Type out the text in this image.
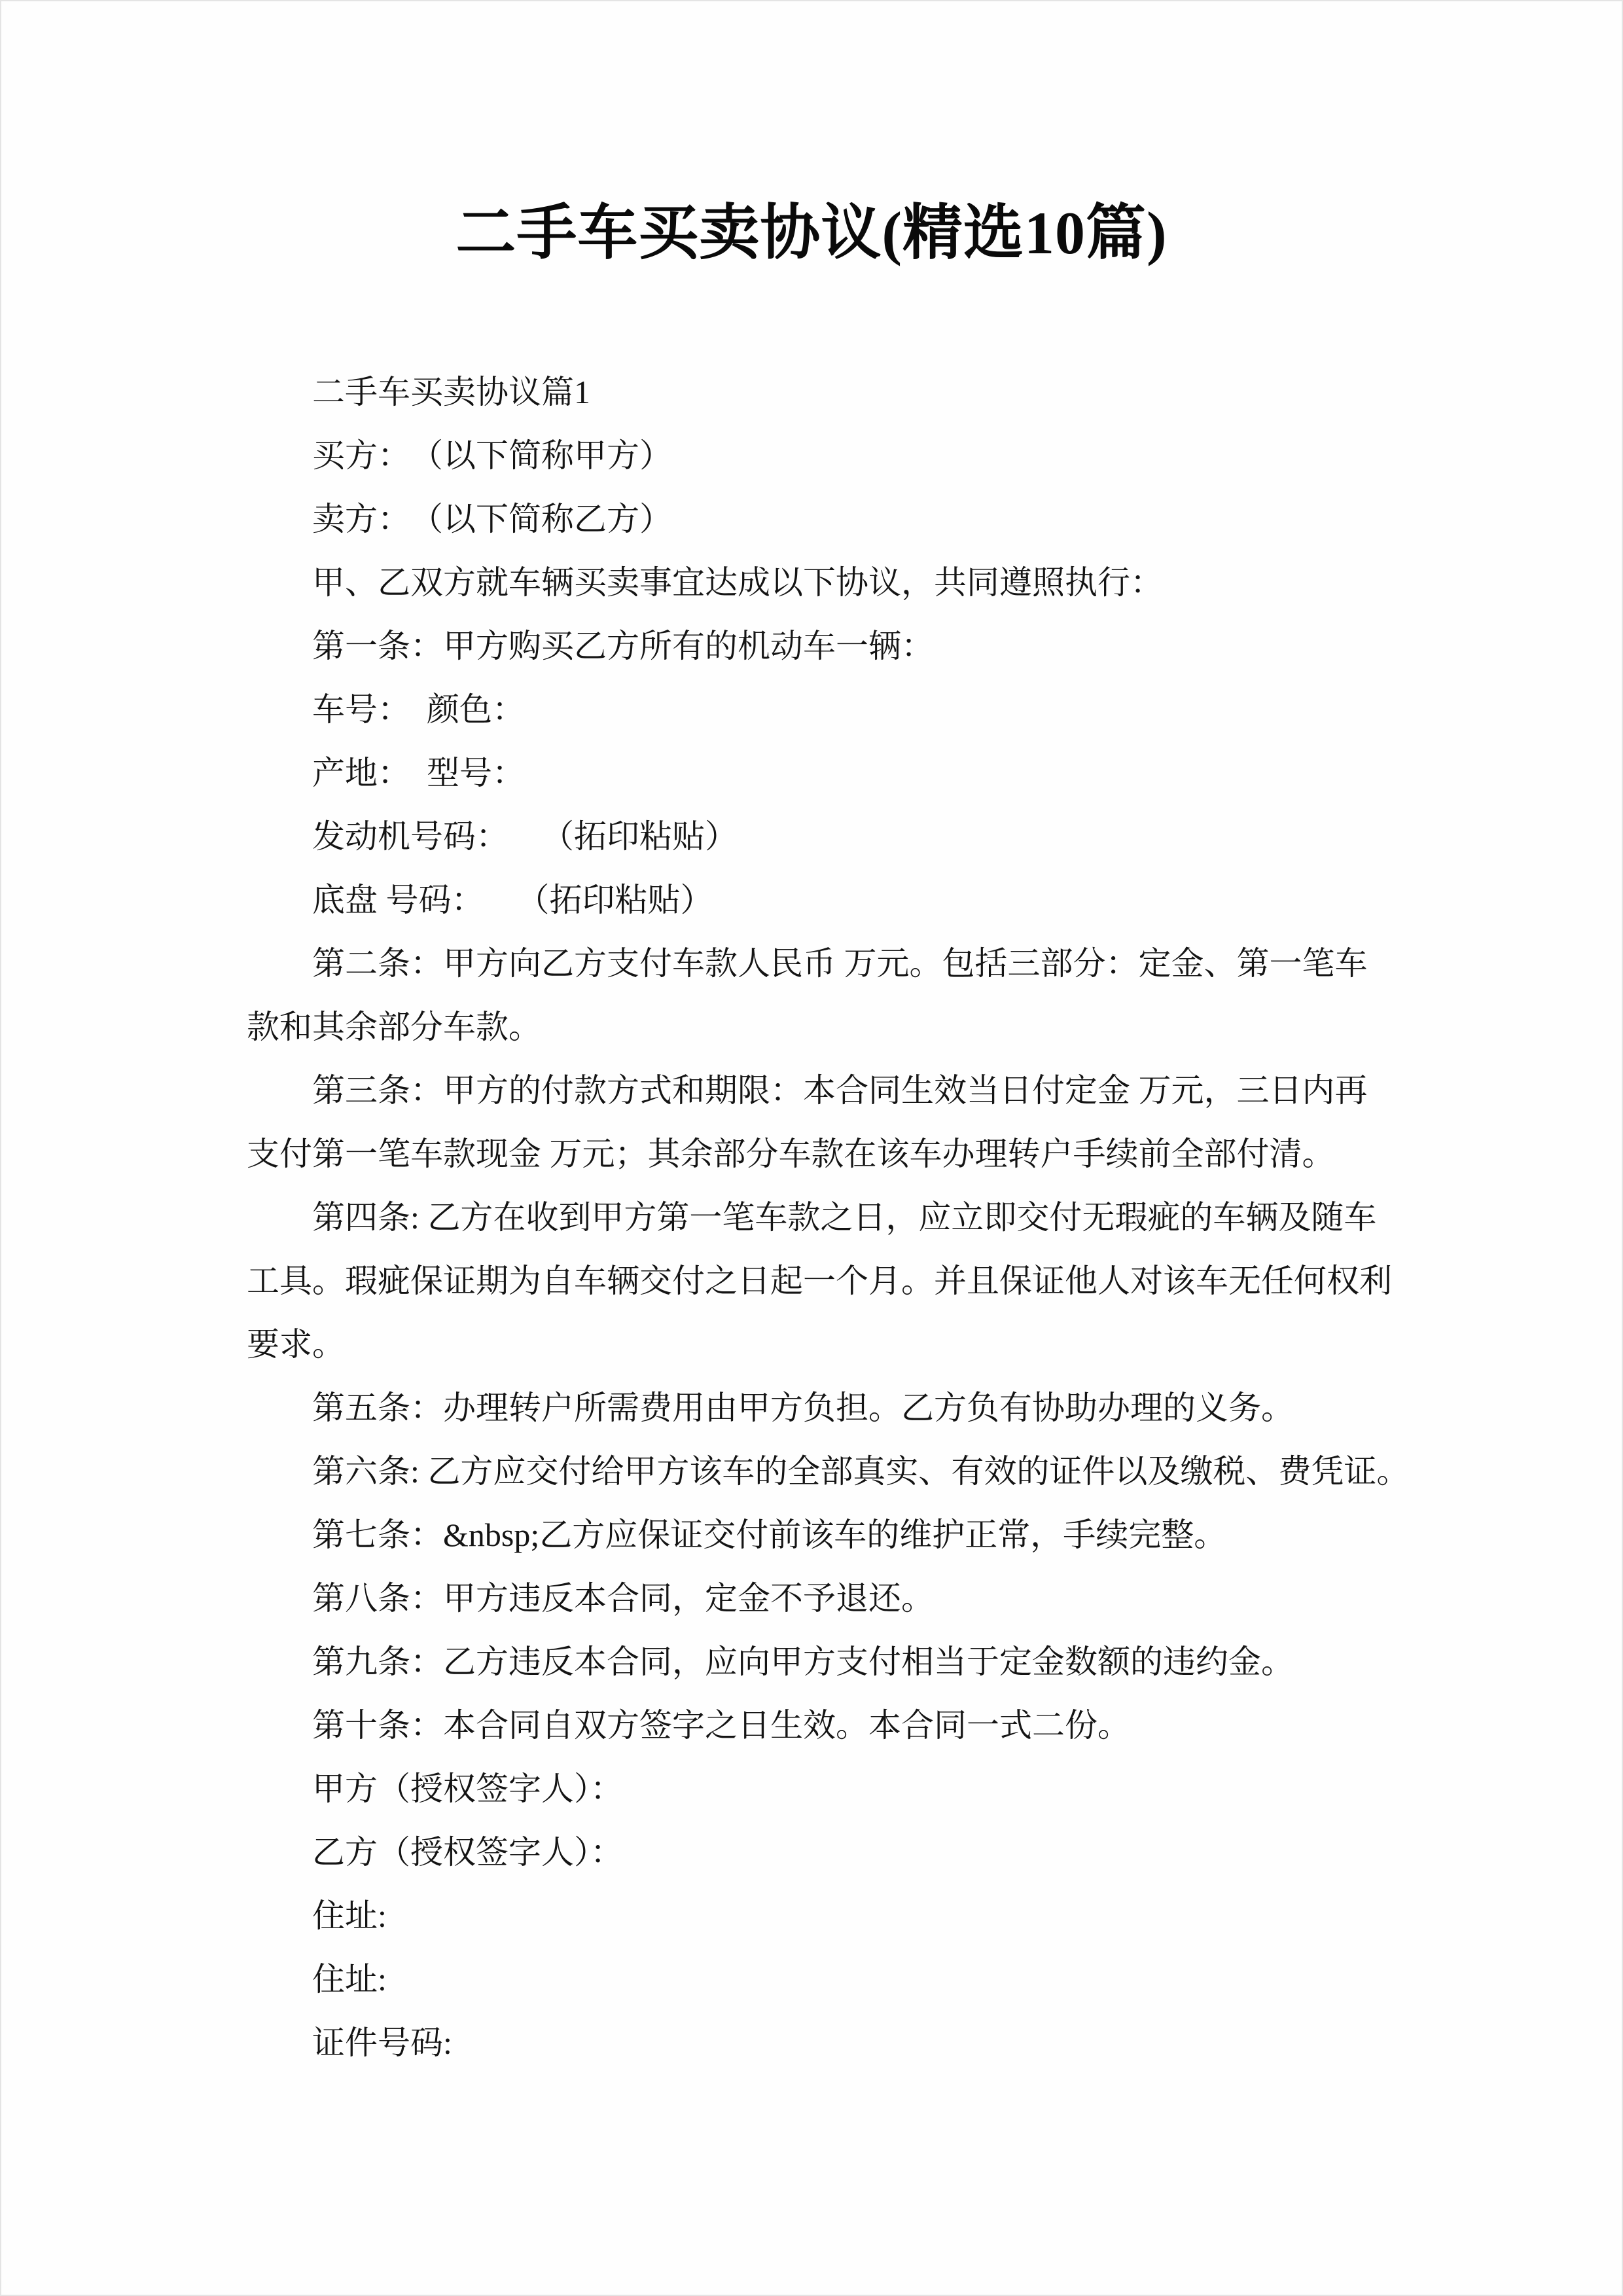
二手车买卖协议(精选10篇)
二手车买卖协议篇1
买方：　（以下简称甲方）
卖方：　（以下简称乙方）
甲、乙双方就车辆买卖事宜达成以下协议，共同遵照执行：
第一条：甲方购买乙方所有的机动车一辆：
车号：　颜色：
产地：　型号：
发动机号码：　　（拓印粘贴）
底盘 号码：　　（拓印粘贴）
第二条：甲方向乙方支付车款人民币 万元。包括三部分：定金、第一笔车
款和其余部分车款。
第三条：甲方的付款方式和期限：本合同生效当日付定金 万元，三日内再
支付第一笔车款现金 万元；其余部分车款在该车办理转户手续前全部付清。
第四条: 乙方在收到甲方第一笔车款之日，应立即交付无瑕疵的车辆及随车
工具。瑕疵保证期为自车辆交付之日起一个月。并且保证他人对该车无任何权利
要求。
第五条：办理转户所需费用由甲方负担。乙方负有协助办理的义务。
第六条: 乙方应交付给甲方该车的全部真实、有效的证件以及缴税、费凭证。
第七条：&nbsp;乙方应保证交付前该车的维护正常，手续完整。
第八条：甲方违反本合同，定金不予退还。
第九条：乙方违反本合同，应向甲方支付相当于定金数额的违约金。
第十条：本合同自双方签字之日生效。本合同一式二份。
甲方（授权签字人）：
乙方（授权签字人）：
住址:
住址:
证件号码:
